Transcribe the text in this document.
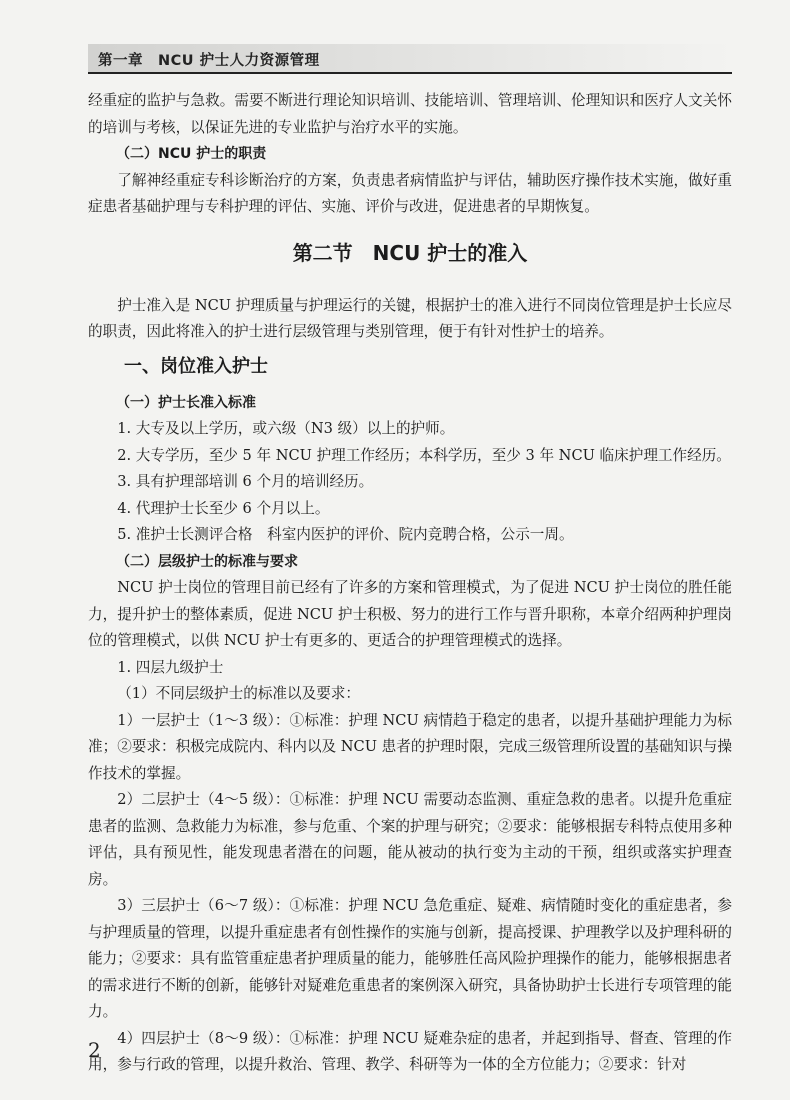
第一章　NCU 护士人力资源管理

经重症的监护与急救。需要不断进行理论知识培训、技能培训、管理培训、伦理知识和医疗人文关怀的培训与考核，以保证先进的专业监护与治疗水平的实施。

（二）NCU 护士的职责

了解神经重症专科诊断治疗的方案，负责患者病情监护与评估，辅助医疗操作技术实施，做好重症患者基础护理与专科护理的评估、实施、评价与改进，促进患者的早期恢复。

第二节　NCU 护士的准入

护士准入是 NCU 护理质量与护理运行的关键，根据护士的准入进行不同岗位管理是护士长应尽的职责，因此将准入的护士进行层级管理与类别管理，便于有针对性护士的培养。

一、岗位准入护士

（一）护士长准入标准

1. 大专及以上学历，或六级（N3 级）以上的护师。

2. 大专学历，至少 5 年 NCU 护理工作经历；本科学历，至少 3 年 NCU 临床护理工作经历。

3. 具有护理部培训 6 个月的培训经历。

4. 代理护士长至少 6 个月以上。

5. 准护士长测评合格　科室内医护的评价、院内竞聘合格，公示一周。

（二）层级护士的标准与要求

NCU 护士岗位的管理目前已经有了许多的方案和管理模式，为了促进 NCU 护士岗位的胜任能力，提升护士的整体素质，促进 NCU 护士积极、努力的进行工作与晋升职称，本章介绍两种护理岗位的管理模式，以供 NCU 护士有更多的、更适合的护理管理模式的选择。

1. 四层九级护士

（1）不同层级护士的标准以及要求：

1）一层护士（1～3 级）：①标准：护理 NCU 病情趋于稳定的患者，以提升基础护理能力为标准；②要求：积极完成院内、科内以及 NCU 患者的护理时限，完成三级管理所设置的基础知识与操作技术的掌握。

2）二层护士（4～5 级）：①标准：护理 NCU 需要动态监测、重症急救的患者。以提升危重症患者的监测、急救能力为标准，参与危重、个案的护理与研究；②要求：能够根据专科特点使用多种评估，具有预见性，能发现患者潜在的问题，能从被动的执行变为主动的干预，组织或落实护理查房。

3）三层护士（6～7 级）：①标准：护理 NCU 急危重症、疑难、病情随时变化的重症患者，参与护理质量的管理，以提升重症患者有创性操作的实施与创新，提高授课、护理教学以及护理科研的能力；②要求：具有监管重症患者护理质量的能力，能够胜任高风险护理操作的能力，能够根据患者的需求进行不断的创新，能够针对疑难危重患者的案例深入研究，具备协助护士长进行专项管理的能力。

4）四层护士（8～9 级）：①标准：护理 NCU 疑难杂症的患者，并起到指导、督查、管理的作用，参与行政的管理，以提升救治、管理、教学、科研等为一体的全方位能力；②要求：针对

2
